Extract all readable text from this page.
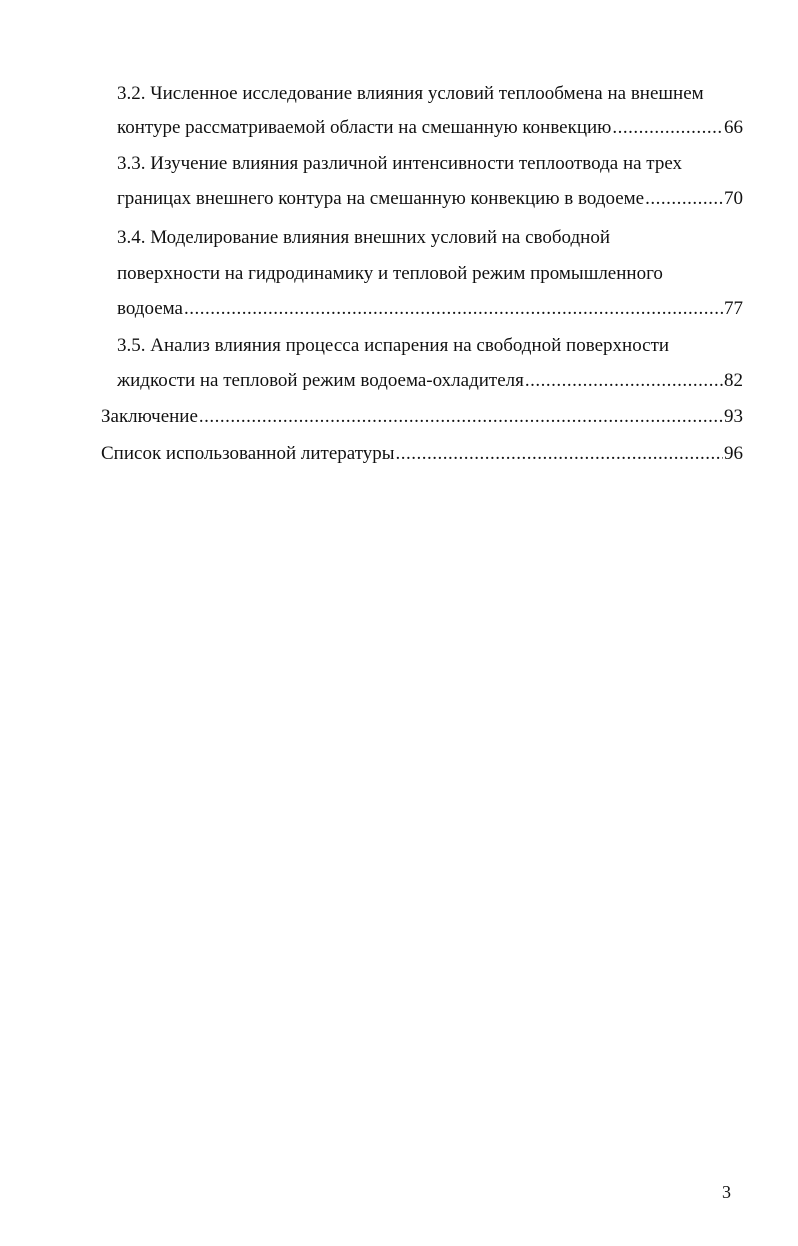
3.2. Численное исследование влияния условий теплообмена на внешнем
контуре рассматриваемой области на смешанную конвекцию .....	66
3.3. Изучение влияния различной интенсивности теплоотвода на трех
границах внешнего контура на смешанную конвекцию в водоеме .....	70
3.4. Моделирование влияния внешних условий на свободной
поверхности на гидродинамику и тепловой режим промышленного
водоема .....	77
3.5. Анализ влияния процесса испарения на свободной поверхности
жидкости на тепловой режим водоема-охладителя .....	82
Заключение .....	93
Список использованной литературы .....	96
3
